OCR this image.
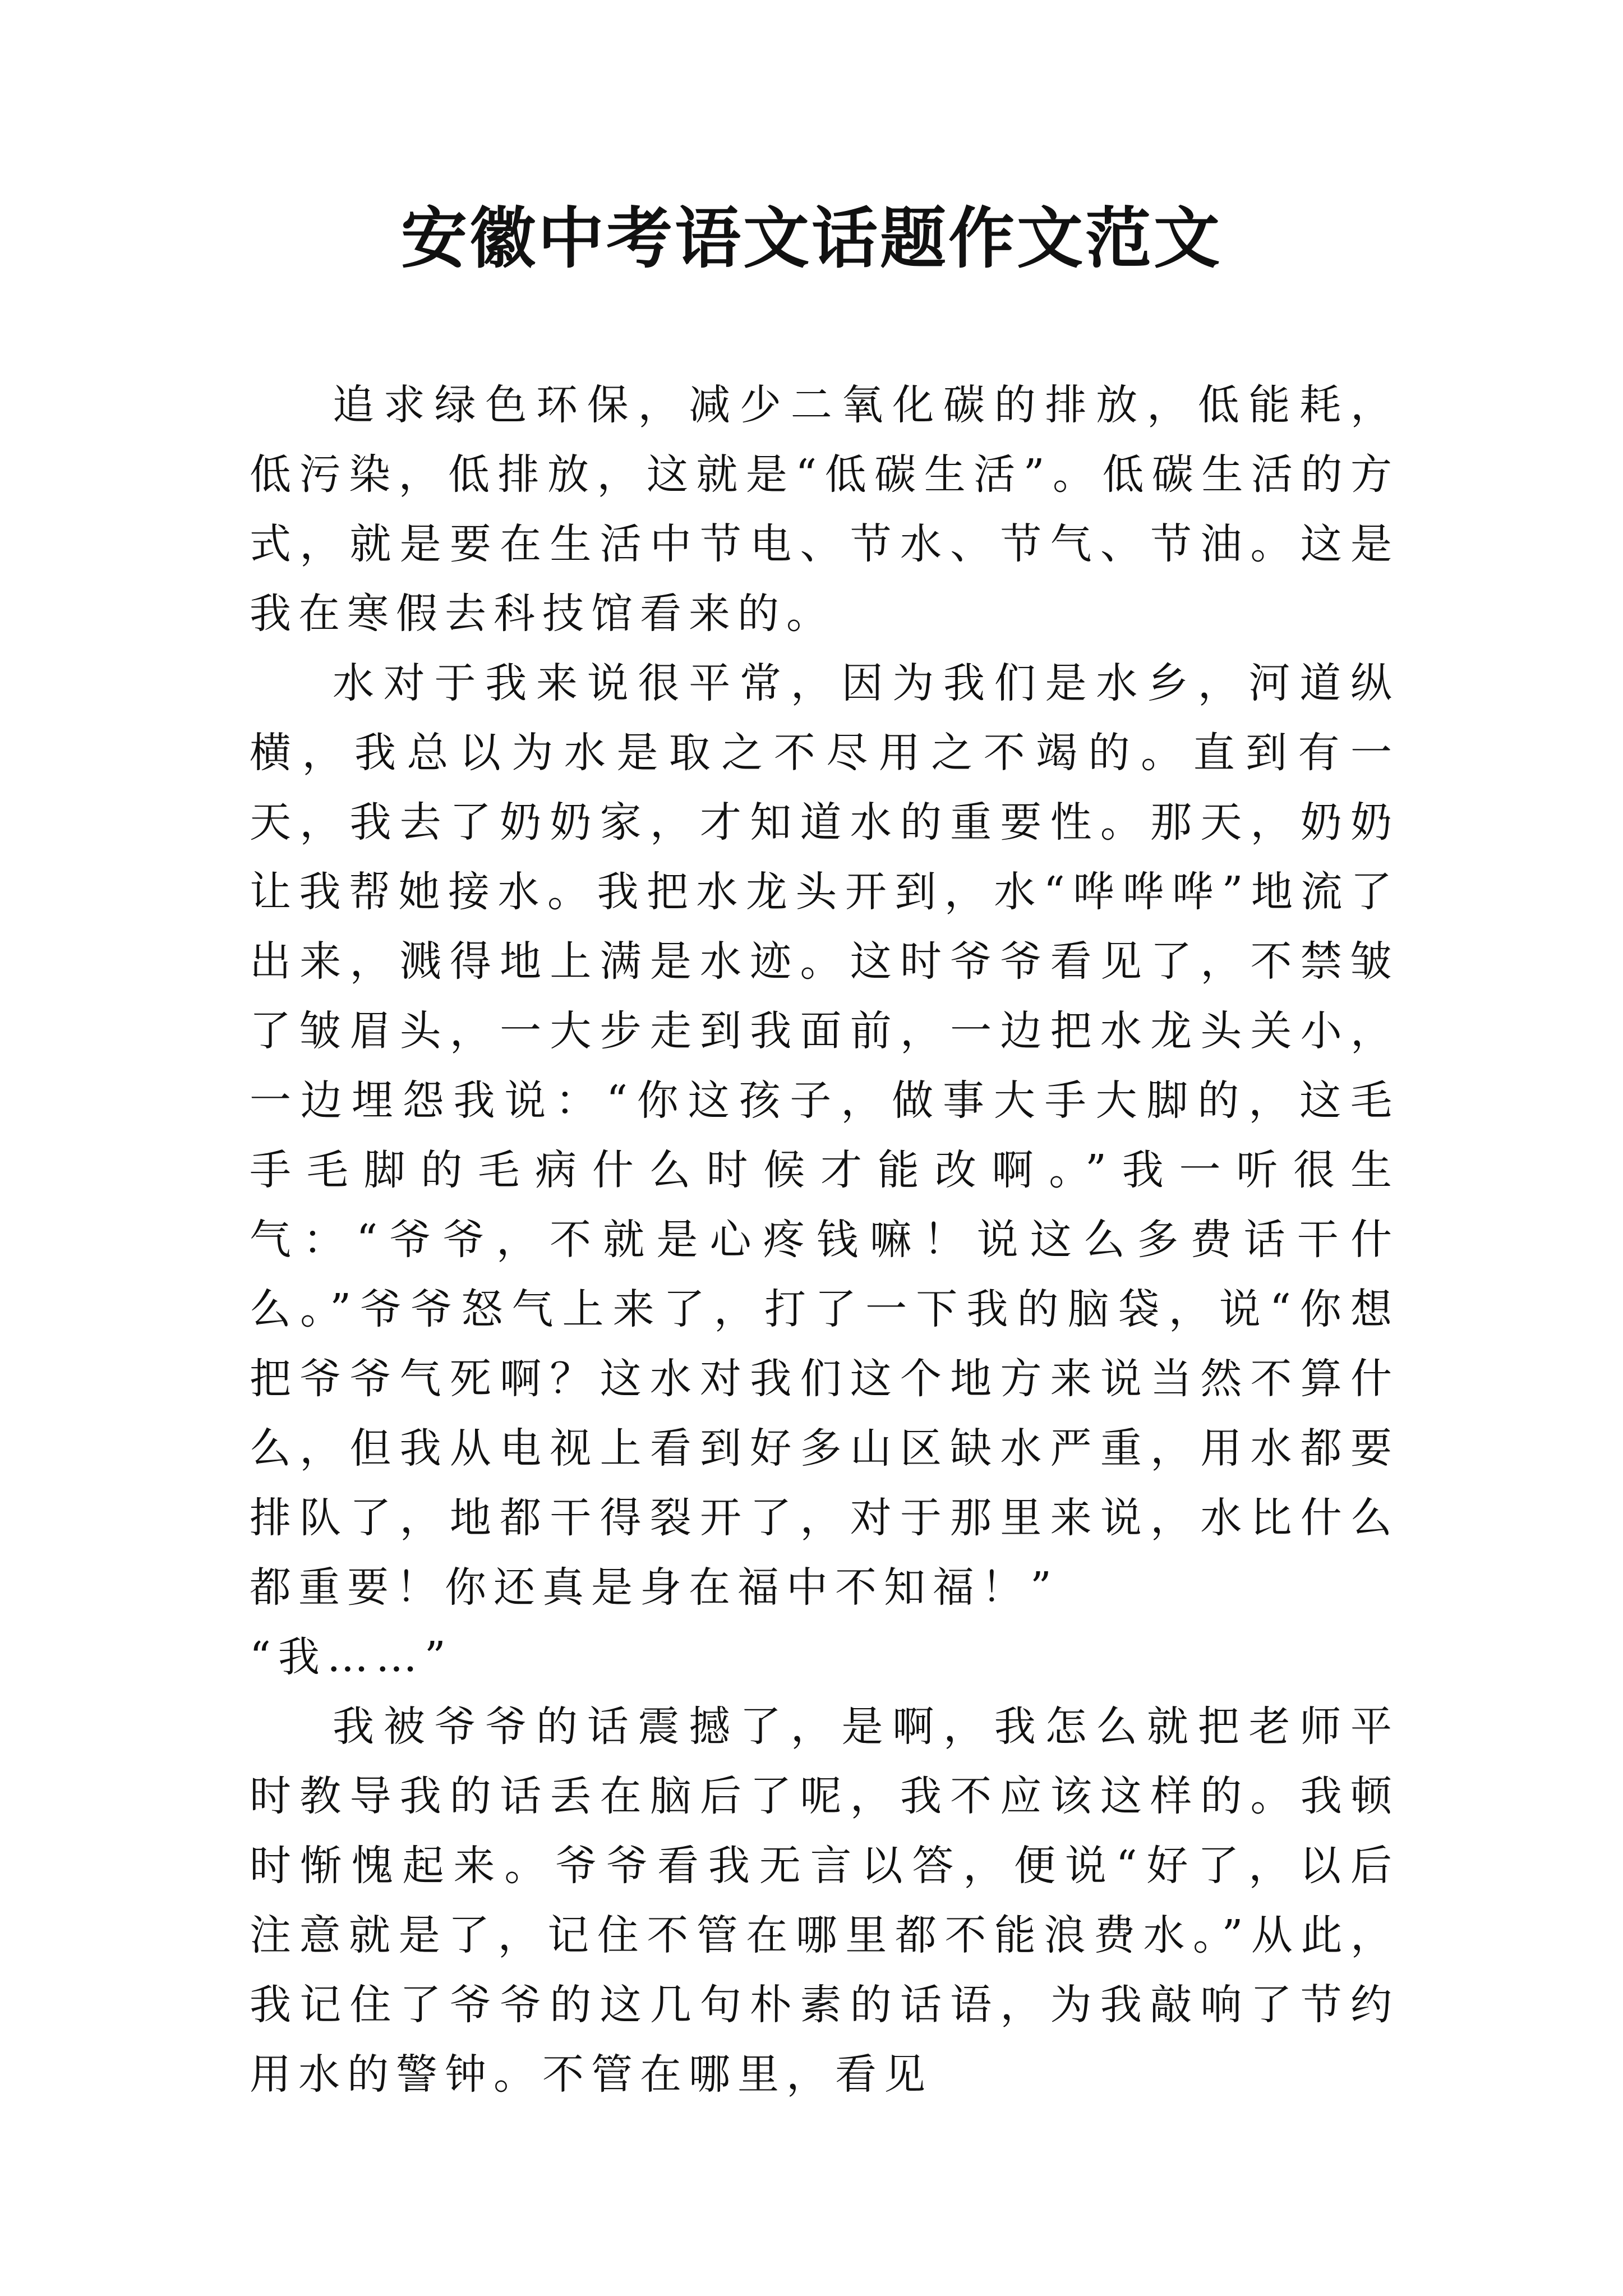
安徽中考语文话题作文范文

追求绿色环保，减少二氧化碳的排放，低能耗，低污染，低排放，这就是“低碳生活”。低碳生活的方式，就是要在生活中节电、节水、节气、节油。这是我在寒假去科技馆看来的。

水对于我来说很平常，因为我们是水乡，河道纵横，我总以为水是取之不尽用之不竭的。直到有一天，我去了奶奶家，才知道水的重要性。那天，奶奶让我帮她接水。我把水龙头开到，水“哗哗哗”地流了出来，溅得地上满是水迹。这时爷爷看见了，不禁皱了皱眉头，一大步走到我面前，一边把水龙头关小，一边埋怨我说：“你这孩子，做事大手大脚的，这毛手毛脚的毛病什么时候才能改啊。”我一听很生气：“爷爷，不就是心疼钱嘛！说这么多费话干什么。”爷爷怒气上来了，打了一下我的脑袋，说“你想把爷爷气死啊？这水对我们这个地方来说当然不算什么，但我从电视上看到好多山区缺水严重，用水都要排队了，地都干得裂开了，对于那里来说，水比什么都重要！你还真是身在福中不知福！”

“我……”

我被爷爷的话震撼了，是啊，我怎么就把老师平时教导我的话丢在脑后了呢，我不应该这样的。我顿时惭愧起来。爷爷看我无言以答，便说“好了，以后注意就是了，记住不管在哪里都不能浪费水。”从此，我记住了爷爷的这几句朴素的话语，为我敲响了节约用水的警钟。不管在哪里，看见
